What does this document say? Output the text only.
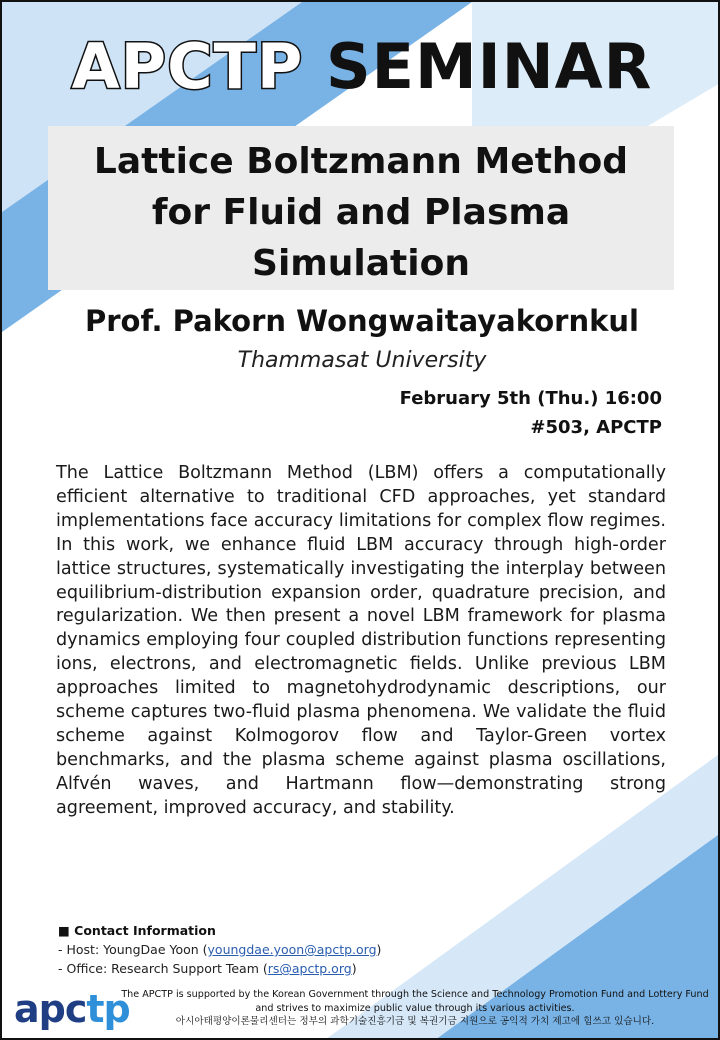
APCTP SEMINAR
Lattice Boltzmann Method
for Fluid and Plasma
Simulation
Prof. Pakorn Wongwaitayakornkul
Thammasat University
February 5th (Thu.) 16:00
#503, APCTP
The Lattice Boltzmann Method (LBM) offers a computationally efficient alternative to traditional CFD approaches, yet standard implementations face accuracy limitations for complex flow regimes. In this work, we enhance fluid LBM accuracy through high-order lattice structures, systematically investigating the interplay between equilibrium-distribution expansion order, quadrature precision, and regularization. We then present a novel LBM framework for plasma dynamics employing four coupled distribution functions representing ions, electrons, and electromagnetic fields. Unlike previous LBM approaches limited to magnetohydrodynamic descriptions, our scheme captures two-fluid plasma phenomena. We validate the fluid scheme against Kolmogorov flow and Taylor-Green vortex benchmarks, and the plasma scheme against plasma oscillations, Alfvén waves, and Hartmann flow—demonstrating strong agreement, improved accuracy, and stability.
■ Contact Information
- Host: YoungDae Yoon (youngdae.yoon@apctp.org)
- Office: Research Support Team (rs@apctp.org)
apctp
The APCTP is supported by the Korean Government through the Science and Technology Promotion Fund and Lottery Fund
and strives to maximize public value through its various activities.
아시아태평양이론물리센터는 정부의 과학기술진흥기금 및 복권기금 지원으로 공익적 가치 제고에 힘쓰고 있습니다.
